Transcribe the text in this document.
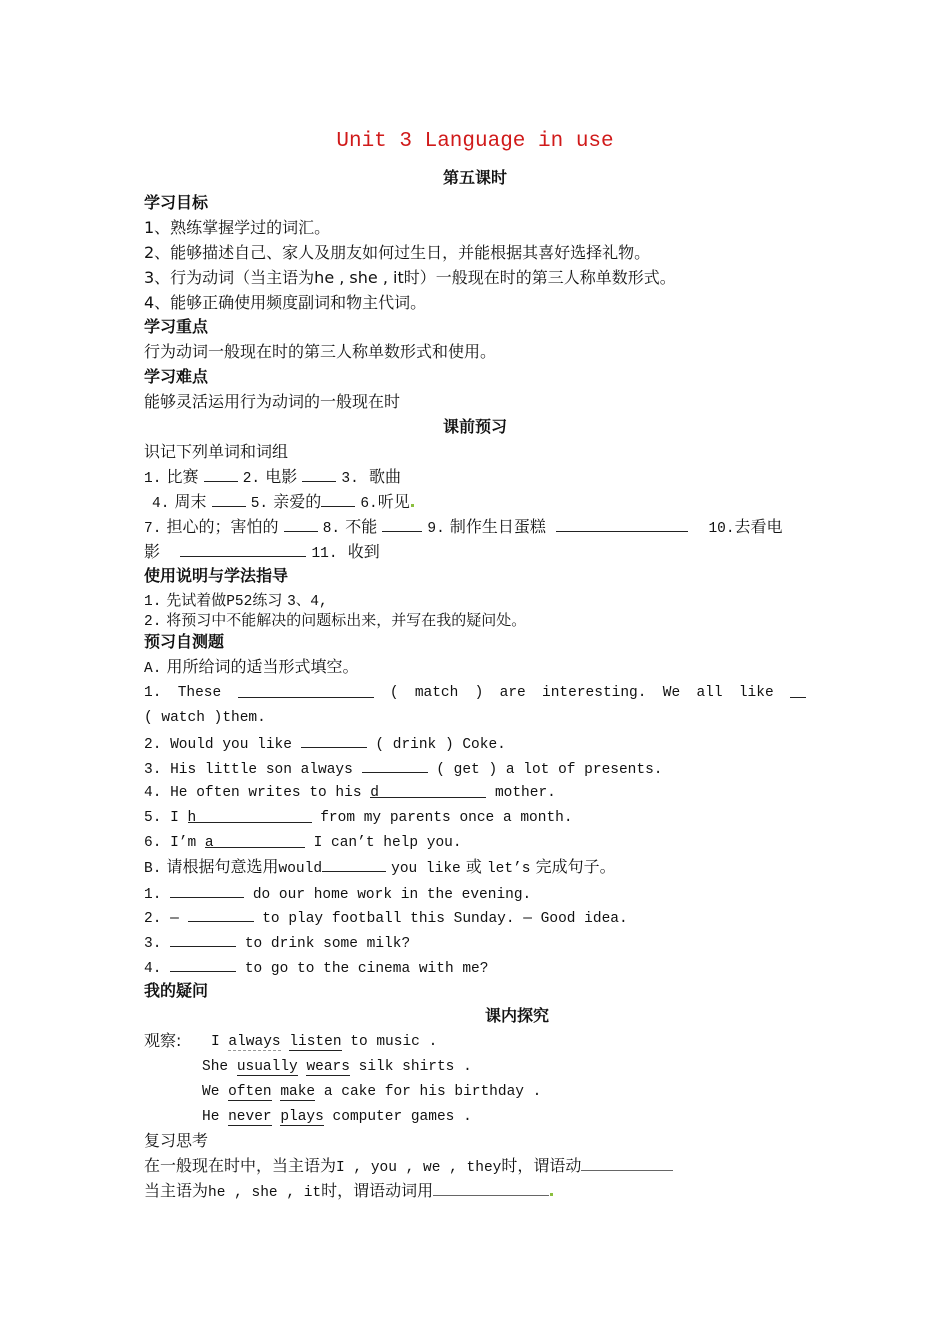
Unit 3 Language in use
第五课时
学习目标
1、熟练掌握学过的词汇。
2、能够描述自己、家人及朋友如何过生日，并能根据其喜好选择礼物。
3、行为动词（当主语为he , she , it时）一般现在时的第三人称单数形式。
4、能够正确使用频度副词和物主代词。
学习重点
行为动词一般现在时的第三人称单数形式和使用。
学习难点
能够灵活运用行为动词的一般现在时
课前预习
识记下列单词和词组
1. 比赛	2. 电影	3. 歌曲
4. 周末	5. 亲爱的	6.听见
7. 担心的；害怕的	8. 不能	9. 制作生日蛋糕	10.去看电
影	11. 收到
使用说明与学法指导
1. 先试着做P52练习 3、4,
2. 将预习中不能解决的问题标出来，并写在我的疑问处。
预习自测题
A. 用所给词的适当形式填空。
1. These	( match ) are interesting. We all like
( watch )them.
2. Would you like	( drink ) Coke.
3. His little son always	( get ) a lot of presents.
4. He often writes to his d	mother.
5. I h	from my parents once a month.
6. I’m a	I can’t help you.
B. 请根据句意选用would	you like 或 let’s 完成句子。
1.	do our home work in the evening.
2. —	to play football this Sunday. — Good idea.
3.	to drink some milk?
4.	to go to the cinema with me?
我的疑问
课内探究
观察: I always listen to music .
She usually wears silk shirts .
We often make a cake for his birthday .
He never plays computer games .
复习思考
在一般现在时中，当主语为I , you , we , they时，谓语动
当主语为he , she , it时，谓语动词用
